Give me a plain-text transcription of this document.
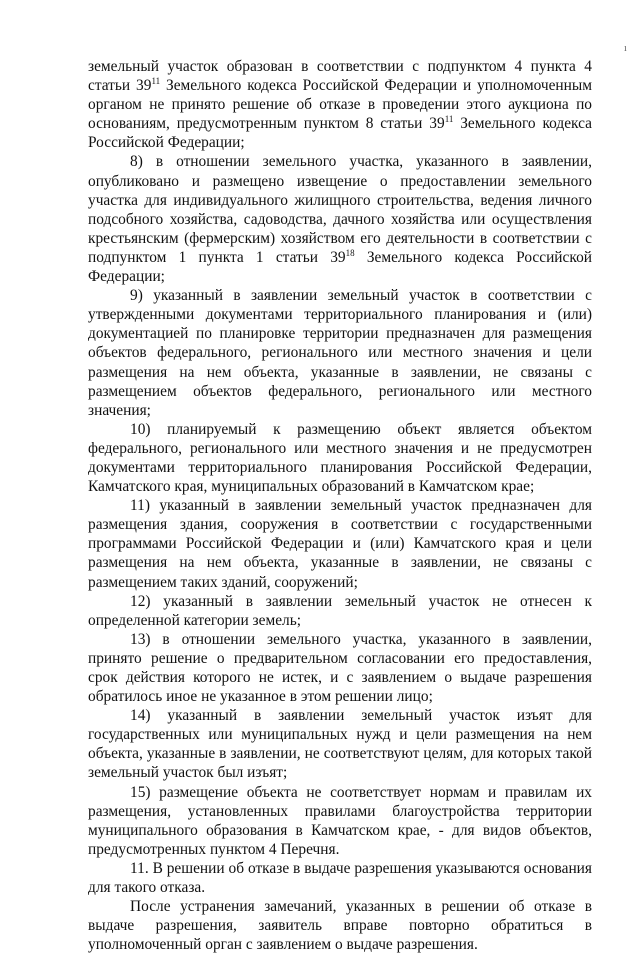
земельный участок образован в соответствии с подпунктом 4 пункта 4 статьи $39^{11}$ Земельного кодекса Российской Федерации и уполномоченным органом не принято решение об отказе в проведении этого аукциона по основаниям, предусмотренным пунктом 8 статьи $39^{11}$ Земельного кодекса Российской Федерации;

8) в отношении земельного участка, указанного в заявлении, опубликовано и размещено извещение о предоставлении земельного участка для индивидуального жилищного строительства, ведения личного подсобного хозяйства, садоводства, дачного хозяйства или осуществления крестьянским (фермерским) хозяйством его деятельности в соответствии с подпунктом 1 пункта 1 статьи $39^{18}$ Земельного кодекса Российской Федерации;

9) указанный в заявлении земельный участок в соответствии с утвержденными документами территориального планирования и (или) документацией по планировке территории предназначен для размещения объектов федерального, регионального или местного значения и цели размещения на нем объекта, указанные в заявлении, не связаны с размещением объектов федерального, регионального или местного значения;

10) планируемый к размещению объект является объектом федерального, регионального или местного значения и не предусмотрен документами территориального планирования Российской Федерации, Камчатского края, муниципальных образований в Камчатском крае;

11) указанный в заявлении земельный участок предназначен для размещения здания, сооружения в соответствии с государственными программами Российской Федерации и (или) Камчатского края и цели размещения на нем объекта, указанные в заявлении, не связаны с размещением таких зданий, сооружений;

12) указанный в заявлении земельный участок не отнесен к определенной категории земель;

13) в отношении земельного участка, указанного в заявлении, принято решение о предварительном согласовании его предоставления, срок действия которого не истек, и с заявлением о выдаче разрешения обратилось иное не указанное в этом решении лицо;

14) указанный в заявлении земельный участок изъят для государственных или муниципальных нужд и цели размещения на нем объекта, указанные в заявлении, не соответствуют целям, для которых такой земельный участок был изъят;

15) размещение объекта не соответствует нормам и правилам их размещения, установленных правилами благоустройства территории муниципального образования в Камчатском крае, - для видов объектов, предусмотренных пунктом 4 Перечня.

11. В решении об отказе в выдаче разрешения указываются основания для такого отказа.

После устранения замечаний, указанных в решении об отказе в выдаче разрешения, заявитель вправе повторно обратиться в уполномоченный орган с заявлением о выдаче разрешения.

ı
